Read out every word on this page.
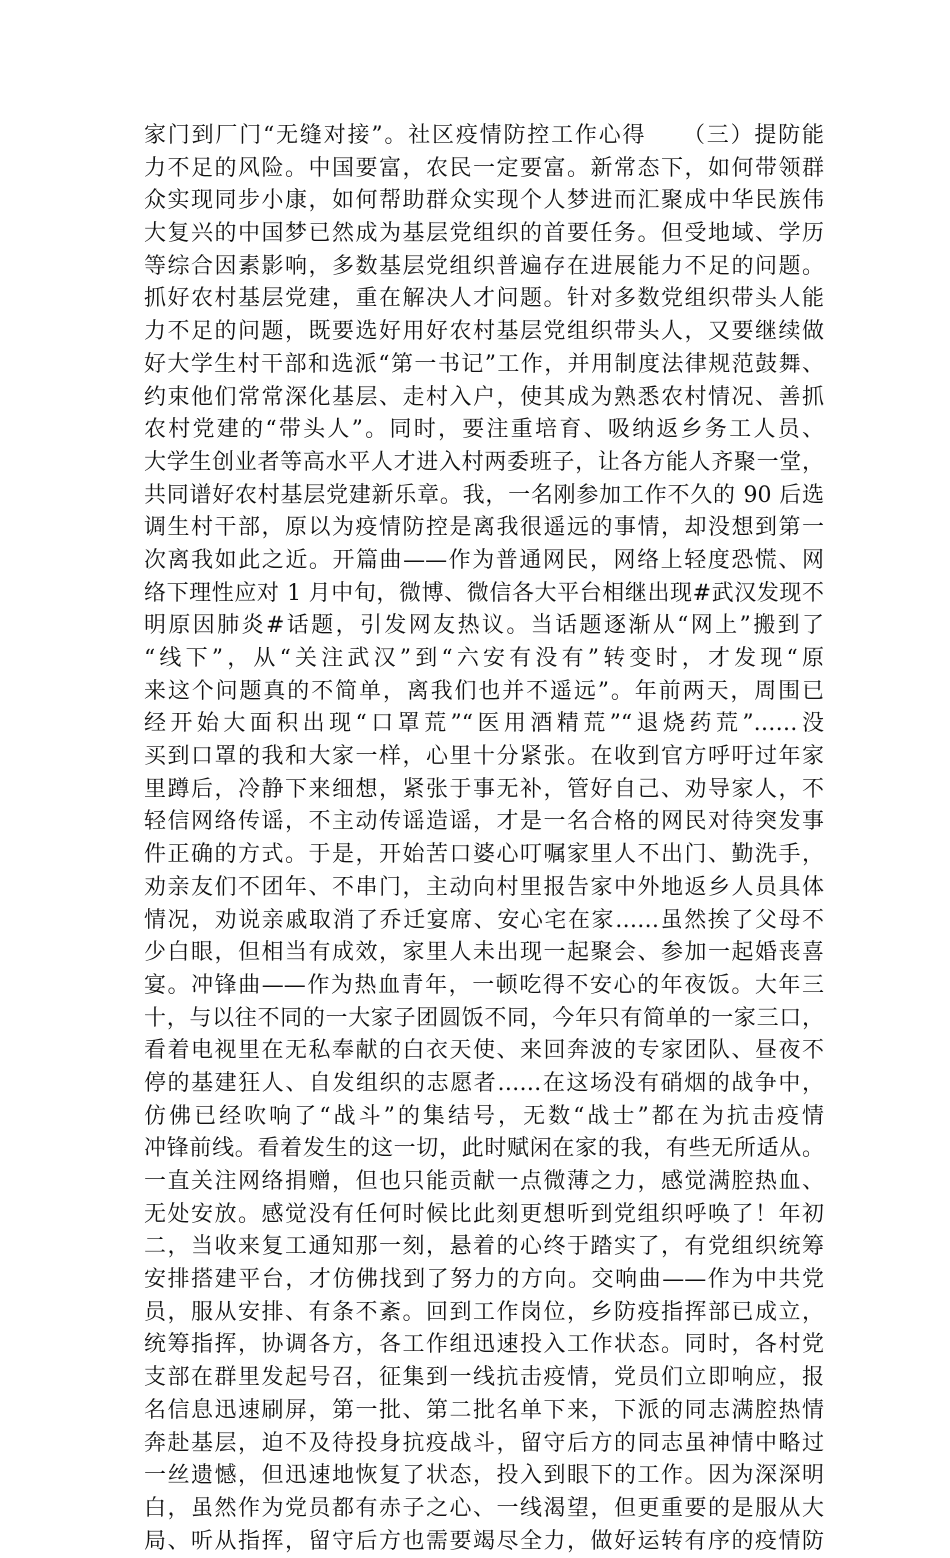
家门到厂门“无缝对接”。社区疫情防控工作心得　　（三）提防能
力不足的风险。中国要富，农民一定要富。新常态下，如何带领群
众实现同步小康，如何帮助群众实现个人梦进而汇聚成中华民族伟
大复兴的中国梦已然成为基层党组织的首要任务。但受地域、学历
等综合因素影响，多数基层党组织普遍存在进展能力不足的问题。
抓好农村基层党建，重在解决人才问题。针对多数党组织带头人能
力不足的问题，既要选好用好农村基层党组织带头人，又要继续做
好大学生村干部和选派“第一书记”工作，并用制度法律规范鼓舞、
约束他们常常深化基层、走村入户，使其成为熟悉农村情况、善抓
农村党建的“带头人”。同时，要注重培育、吸纳返乡务工人员、
大学生创业者等高水平人才进入村两委班子，让各方能人齐聚一堂，
共同谱好农村基层党建新乐章。我，一名刚参加工作不久的 90 后选
调生村干部，原以为疫情防控是离我很遥远的事情，却没想到第一
次离我如此之近。开篇曲——作为普通网民，网络上轻度恐慌、网
络下理性应对 1 月中旬，微博、微信各大平台相继出现#武汉发现不
明原因肺炎#话题，引发网友热议。当话题逐渐从“网上”搬到了
“线下”，从“关注武汉”到“六安有没有”转变时，才发现“原
来这个问题真的不简单，离我们也并不遥远”。年前两天，周围已
经开始大面积出现“口罩荒”“医用酒精荒”“退烧药荒”……没
买到口罩的我和大家一样，心里十分紧张。在收到官方呼吁过年家
里蹲后，冷静下来细想，紧张于事无补，管好自己、劝导家人，不
轻信网络传谣，不主动传谣造谣，才是一名合格的网民对待突发事
件正确的方式。于是，开始苦口婆心叮嘱家里人不出门、勤洗手，
劝亲友们不团年、不串门，主动向村里报告家中外地返乡人员具体
情况，劝说亲戚取消了乔迁宴席、安心宅在家……虽然挨了父母不
少白眼，但相当有成效，家里人未出现一起聚会、参加一起婚丧喜
宴。冲锋曲——作为热血青年，一顿吃得不安心的年夜饭。大年三
十，与以往不同的一大家子团圆饭不同，今年只有简单的一家三口，
看着电视里在无私奉献的白衣天使、来回奔波的专家团队、昼夜不
停的基建狂人、自发组织的志愿者……在这场没有硝烟的战争中，
仿佛已经吹响了“战斗”的集结号，无数“战士”都在为抗击疫情
冲锋前线。看着发生的这一切，此时赋闲在家的我，有些无所适从。
一直关注网络捐赠，但也只能贡献一点微薄之力，感觉满腔热血、
无处安放。感觉没有任何时候比此刻更想听到党组织呼唤了！年初
二，当收来复工通知那一刻，悬着的心终于踏实了，有党组织统筹
安排搭建平台，才仿佛找到了努力的方向。交响曲——作为中共党
员，服从安排、有条不紊。回到工作岗位，乡防疫指挥部已成立，
统筹指挥，协调各方，各工作组迅速投入工作状态。同时，各村党
支部在群里发起号召，征集到一线抗击疫情，党员们立即响应，报
名信息迅速刷屏，第一批、第二批名单下来，下派的同志满腔热情
奔赴基层，迫不及待投身抗疫战斗，留守后方的同志虽神情中略过
一丝遗憾，但迅速地恢复了状态，投入到眼下的工作。因为深深明
白，虽然作为党员都有赤子之心、一线渴望，但更重要的是服从大
局、听从指挥，留守后方也需要竭尽全力，做好运转有序的疫情防
